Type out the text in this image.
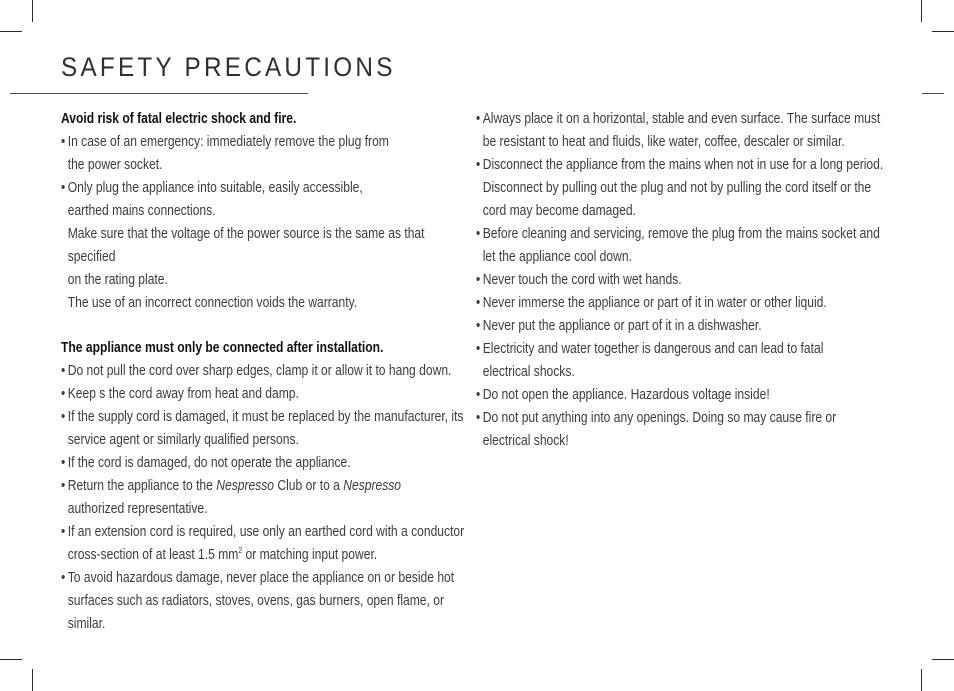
SAFETY PRECAUTIONS

Avoid risk of fatal electric shock and fire.

•

In case of an emergency: immediately remove the plug from

the power socket.

•

Only plug the appliance into suitable, easily accessible,

earthed mains connections.

Make sure that the voltage of the power source is the same as that specified

on the rating plate.

The use of an incorrect connection voids the warranty.

The appliance must only be connected after installation.

•

Do not pull the cord over sharp edges, clamp it or allow it to hang down.

•

Keep s the cord away from heat and damp.

•

If the supply cord is damaged, it must be replaced by the manufacturer, its

service agent or similarly qualified persons.

•

If the cord is damaged, do not operate the appliance.

•

Return the appliance to the Nespresso Club or to a Nespresso

authorized representative.

•

If an extension cord is required, use only an earthed cord with a conductor

cross-section of at least 1.5 $mm^2$ or matching input power.

•

To avoid hazardous damage, never place the appliance on or beside hot

surfaces such as radiators, stoves, ovens, gas burners, open flame, or similar.

•

Always place it on a horizontal, stable and even surface. The surface must

be resistant to heat and fluids, like water, coffee, descaler or similar.

•

Disconnect the appliance from the mains when not in use for a long period.

Disconnect by pulling out the plug and not by pulling the cord itself or the

cord may become damaged.

•

Before cleaning and servicing, remove the plug from the mains socket and

let the appliance cool down.

•

Never touch the cord with wet hands.

•

Never immerse the appliance or part of it in water or other liquid.

•

Never put the appliance or part of it in a dishwasher.

•

Electricity and water together is dangerous and can lead to fatal

electrical shocks.

•

Do not open the appliance. Hazardous voltage inside!

•

Do not put anything into any openings. Doing so may cause fire or

electrical shock!
